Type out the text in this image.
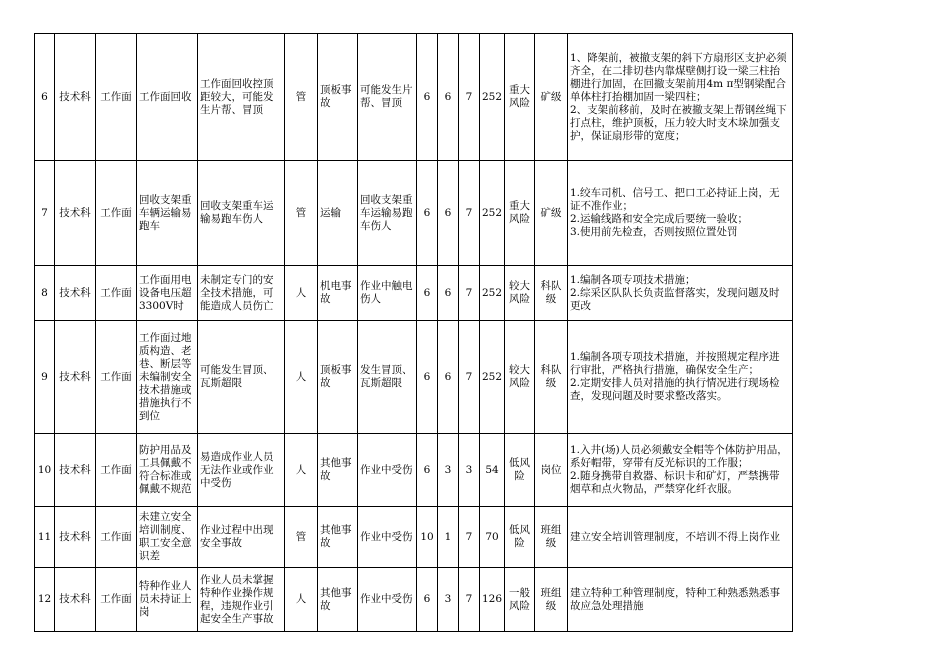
6	技术科	工作面	工作面回收	工作面回收控顶距较大，可能发生片帮、冒顶	管	顶板事故	可能发生片帮、冒顶	6	6	7	252	重大风险	矿级	1、降架前，被撤支架的斜下方扇形区支护必须齐全，在二排切巷内靠煤壁侧打设一梁三柱抬棚进行加固，在回撤支架前用4m π型钢梁配合单体柱打抬棚加固一梁四柱；
2、支架前移前，及时在被撤支架上帮钢丝绳下打点柱，维护顶板，压力较大时支木垛加强支护，保证扇形带的宽度；
7	技术科	工作面	回收支架重车辆运输易跑车	回收支架重车运输易跑车伤人	管	运输	回收支架重车运输易跑车伤人	6	6	7	252	重大风险	矿级	1.绞车司机、信号工、把口工必持证上岗，无证不准作业；
2.运输线路和安全完成后要统一验收；
3.使用前先检查，否则按照位置处罚
8	技术科	工作面	工作面用电设备电压超3300V时	未制定专门的安全技术措施，可能造成人员伤亡	人	机电事故	作业中触电伤人	6	6	7	252	较大风险	科队级	1.编制各项专项技术措施；
2.综采区队队长负责监督落实，发现问题及时更改
9	技术科	工作面	工作面过地质构造、老巷、断层等未编制安全技术措施或措施执行不到位	可能发生冒顶、瓦斯超限	人	顶板事故	发生冒顶、瓦斯超限	6	6	7	252	较大风险	科队级	1.编制各项专项技术措施，并按照规定程序进行审批，严格执行措施，确保安全生产；
2.定期安排人员对措施的执行情况进行现场检查，发现问题及时要求整改落实。
10	技术科	工作面	防护用品及工具佩戴不符合标准或佩戴不规范	易造成作业人员无法作业或作业中受伤	人	其他事故	作业中受伤	6	3	3	54	低风险	岗位	1.入井(场)人员必须戴安全帽等个体防护用品，系好帽带，穿带有反光标识的工作服；
2.随身携带自救器、标识卡和矿灯，严禁携带烟草和点火物品，严禁穿化纤衣服。
11	技术科	工作面	未建立安全培训制度、职工安全意识差	作业过程中出现安全事故	管	其他事故	作业中受伤	10	1	7	70	低风险	班组级	建立安全培训管理制度，不培训不得上岗作业
12	技术科	工作面	特种作业人员未持证上岗	作业人员未掌握特种作业操作规程，违规作业引起安全生产事故	人	其他事故	作业中受伤	6	3	7	126	一般风险	班组级	建立特种工种管理制度，特种工种熟悉熟悉事故应急处理措施
